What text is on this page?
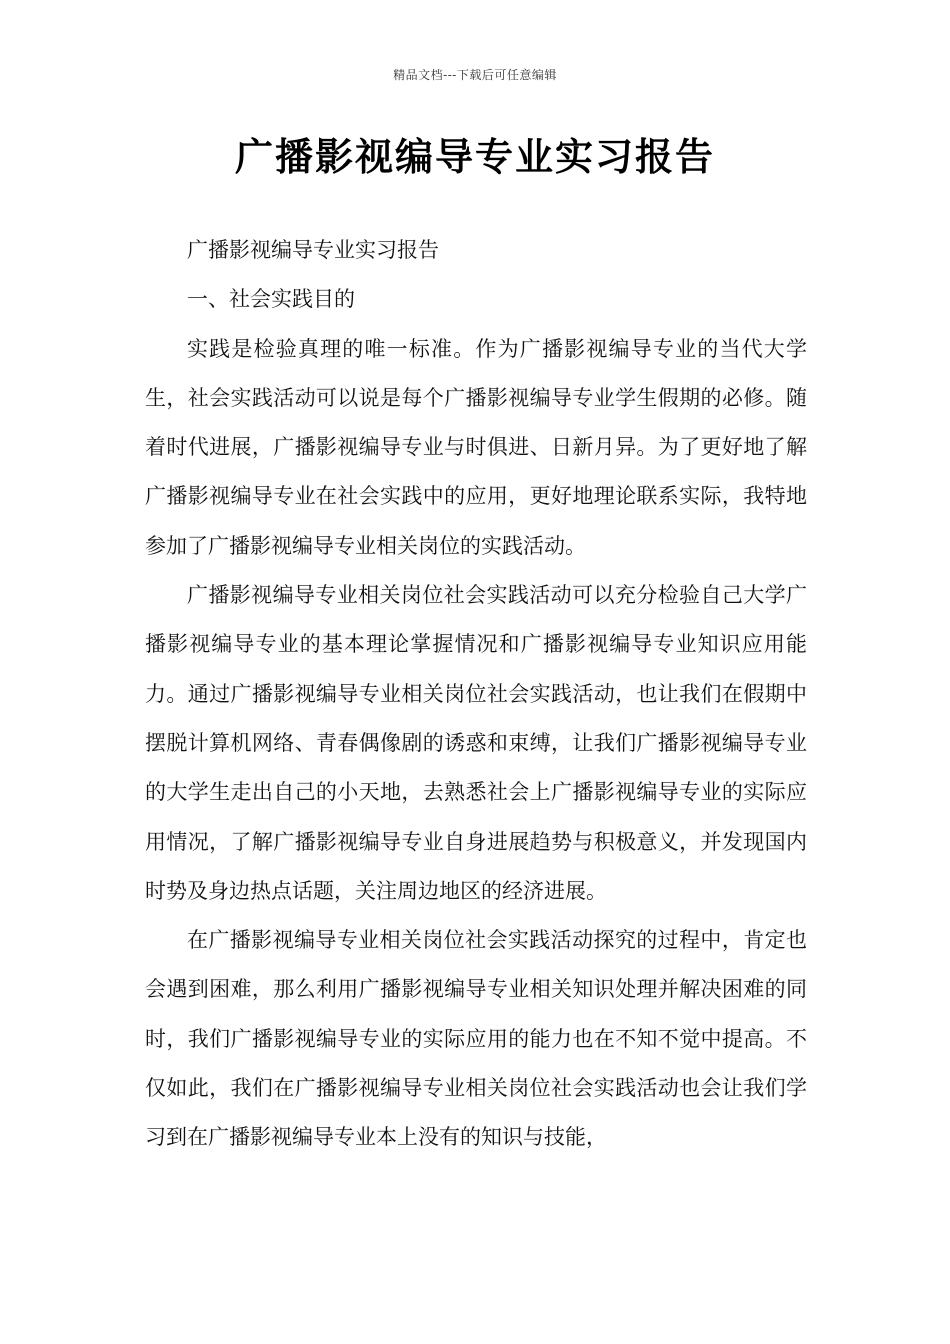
精品文档---下载后可任意编辑
广播影视编导专业实习报告

广播影视编导专业实习报告

一、社会实践目的

实践是检验真理的唯一标准。作为广播影视编导专业的当代大学生，社会实践活动可以说是每个广播影视编导专业学生假期的必修。随着时代进展，广播影视编导专业与时俱进、日新月异。为了更好地了解广播影视编导专业在社会实践中的应用，更好地理论联系实际，我特地参加了广播影视编导专业相关岗位的实践活动。

广播影视编导专业相关岗位社会实践活动可以充分检验自己大学广播影视编导专业的基本理论掌握情况和广播影视编导专业知识应用能力。通过广播影视编导专业相关岗位社会实践活动，也让我们在假期中摆脱计算机网络、青春偶像剧的诱惑和束缚，让我们广播影视编导专业的大学生走出自己的小天地，去熟悉社会上广播影视编导专业的实际应用情况，了解广播影视编导专业自身进展趋势与积极意义，并发现国内时势及身边热点话题，关注周边地区的经济进展。

在广播影视编导专业相关岗位社会实践活动探究的过程中，肯定也会遇到困难，那么利用广播影视编导专业相关知识处理并解决困难的同时，我们广播影视编导专业的实际应用的能力也在不知不觉中提高。不仅如此，我们在广播影视编导专业相关岗位社会实践活动也会让我们学习到在广播影视编导专业本上没有的知识与技能，
